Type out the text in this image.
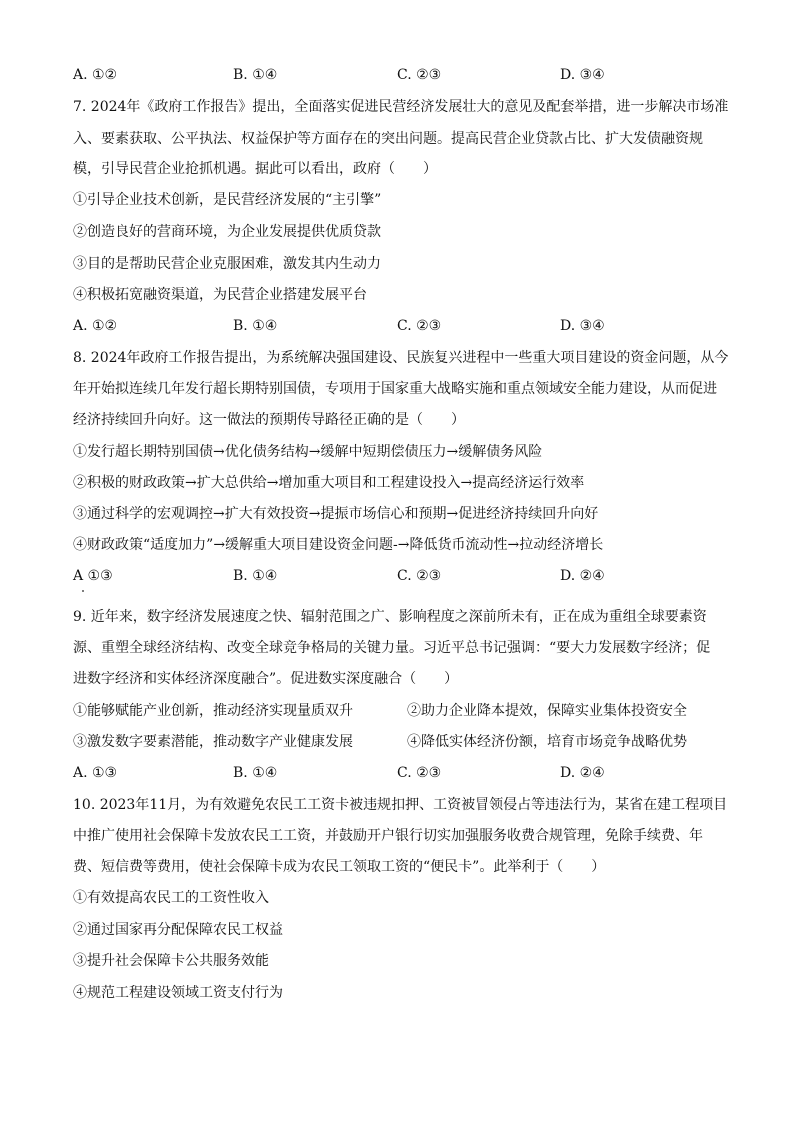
A. ①②	B. ①④	C. ②③	D. ③④
7. 2024年《政府工作报告》提出，全面落实促进民营经济发展壮大的意见及配套举措，进一步解决市场准
入、要素获取、公平执法、权益保护等方面存在的突出问题。提高民营企业贷款占比、扩大发债融资规
模，引导民营企业抢抓机遇。据此可以看出，政府（　　）
①引导企业技术创新，是民营经济发展的“主引擎”
②创造良好的营商环境，为企业发展提供优质贷款
③目的是帮助民营企业克服困难，激发其内生动力
④积极拓宽融资渠道，为民营企业搭建发展平台
A. ①②	B. ①④	C. ②③	D. ③④
8. 2024年政府工作报告提出，为系统解决强国建设、民族复兴进程中一些重大项目建设的资金问题，从今
年开始拟连续几年发行超长期特别国债，专项用于国家重大战略实施和重点领域安全能力建设，从而促进
经济持续回升向好。这一做法的预期传导路径正确的是（　　）
①发行超长期特别国债→优化债务结构→缓解中短期偿债压力→缓解债务风险
②积极的财政政策→扩大总供给→增加重大项目和工程建设投入→提高经济运行效率
③通过科学的宏观调控→扩大有效投资→提振市场信心和预期→促进经济持续回升向好
④财政政策“适度加力”→缓解重大项目建设资金问题-→降低货币流动性→拉动经济增长
A ①③	B. ①④	C. ②③	D. ②④
9. 近年来，数字经济发展速度之快、辐射范围之广、影响程度之深前所未有，正在成为重组全球要素资
源、重塑全球经济结构、改变全球竞争格局的关键力量。习近平总书记强调：“要大力发展数字经济；促
进数字经济和实体经济深度融合”。促进数实深度融合（　　）
①能够赋能产业创新，推动经济实现量质双升	②助力企业降本提效，保障实业集体投资安全
③激发数字要素潜能，推动数字产业健康发展	④降低实体经济份额，培育市场竞争战略优势
A. ①③	B. ①④	C. ②③	D. ②④
10. 2023年11月，为有效避免农民工工资卡被违规扣押、工资被冒领侵占等违法行为，某省在建工程项目
中推广使用社会保障卡发放农民工工资，并鼓励开户银行切实加强服务收费合规管理，免除手续费、年
费、短信费等费用，使社会保障卡成为农民工领取工资的“便民卡”。此举利于（　　）
①有效提高农民工的工资性收入
②通过国家再分配保障农民工权益
③提升社会保障卡公共服务效能
④规范工程建设领域工资支付行为
